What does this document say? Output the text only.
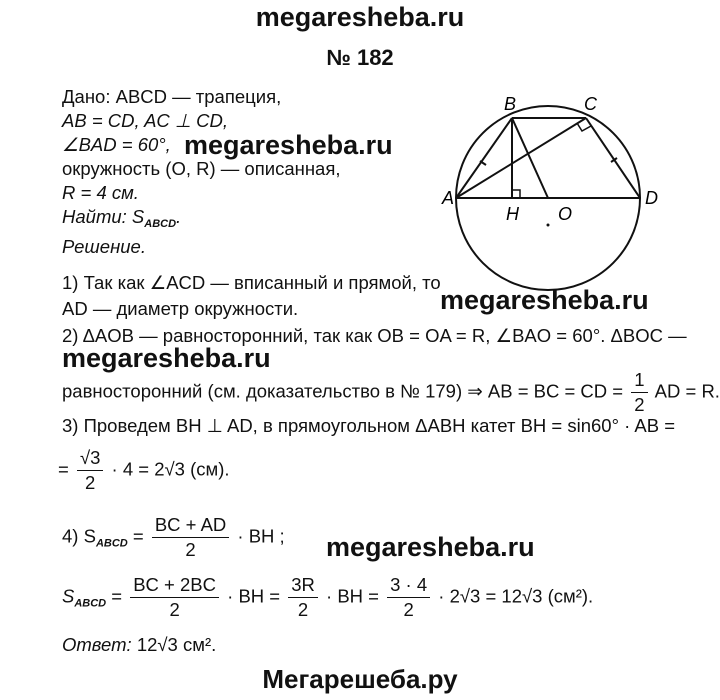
megaresheba.ru
№ 182
Дано: ABCD — трапеция,
AB = CD, AC ⊥ CD,
∠BAD = 60°, megaresheba.ru
окружность (O, R) — описанная,
R = 4 см.
Найти: $S_{ABCD}$.
Решение.
1) Так как ∠ACD — вписанный и прямой, то
AD — диаметр окружности.	megaresheba.ru
2) ΔAOB — равносторонний, так как OB = OA = R, ∠BAO = 60°. ΔBOC —
megaresheba.ru
равносторонний (см. доказательство в № 179) ⇒ AB = BC = CD = $\frac{1}{2}$ AD = R.
3) Проведем BH ⊥ AD, в прямоугольном ΔABH катет BH = sin60° · AB =
= $\frac{√3}{2} \cdot 4 = 2√3$ (см).
4) $S_{ABCD} = \frac{BC + AD}{2}$ · BH ; megaresheba.ru
$S_{ABCD} = \frac{BC + 2BC}{2}$ · BH = $\frac{3R}{2}$ · BH = $\frac{3 \cdot 4}{2} \cdot 2√3 = 12√3$ (см²).
Ответ: 12√3 см².
A
B	C
D
H O
Мегарешеба.ру
